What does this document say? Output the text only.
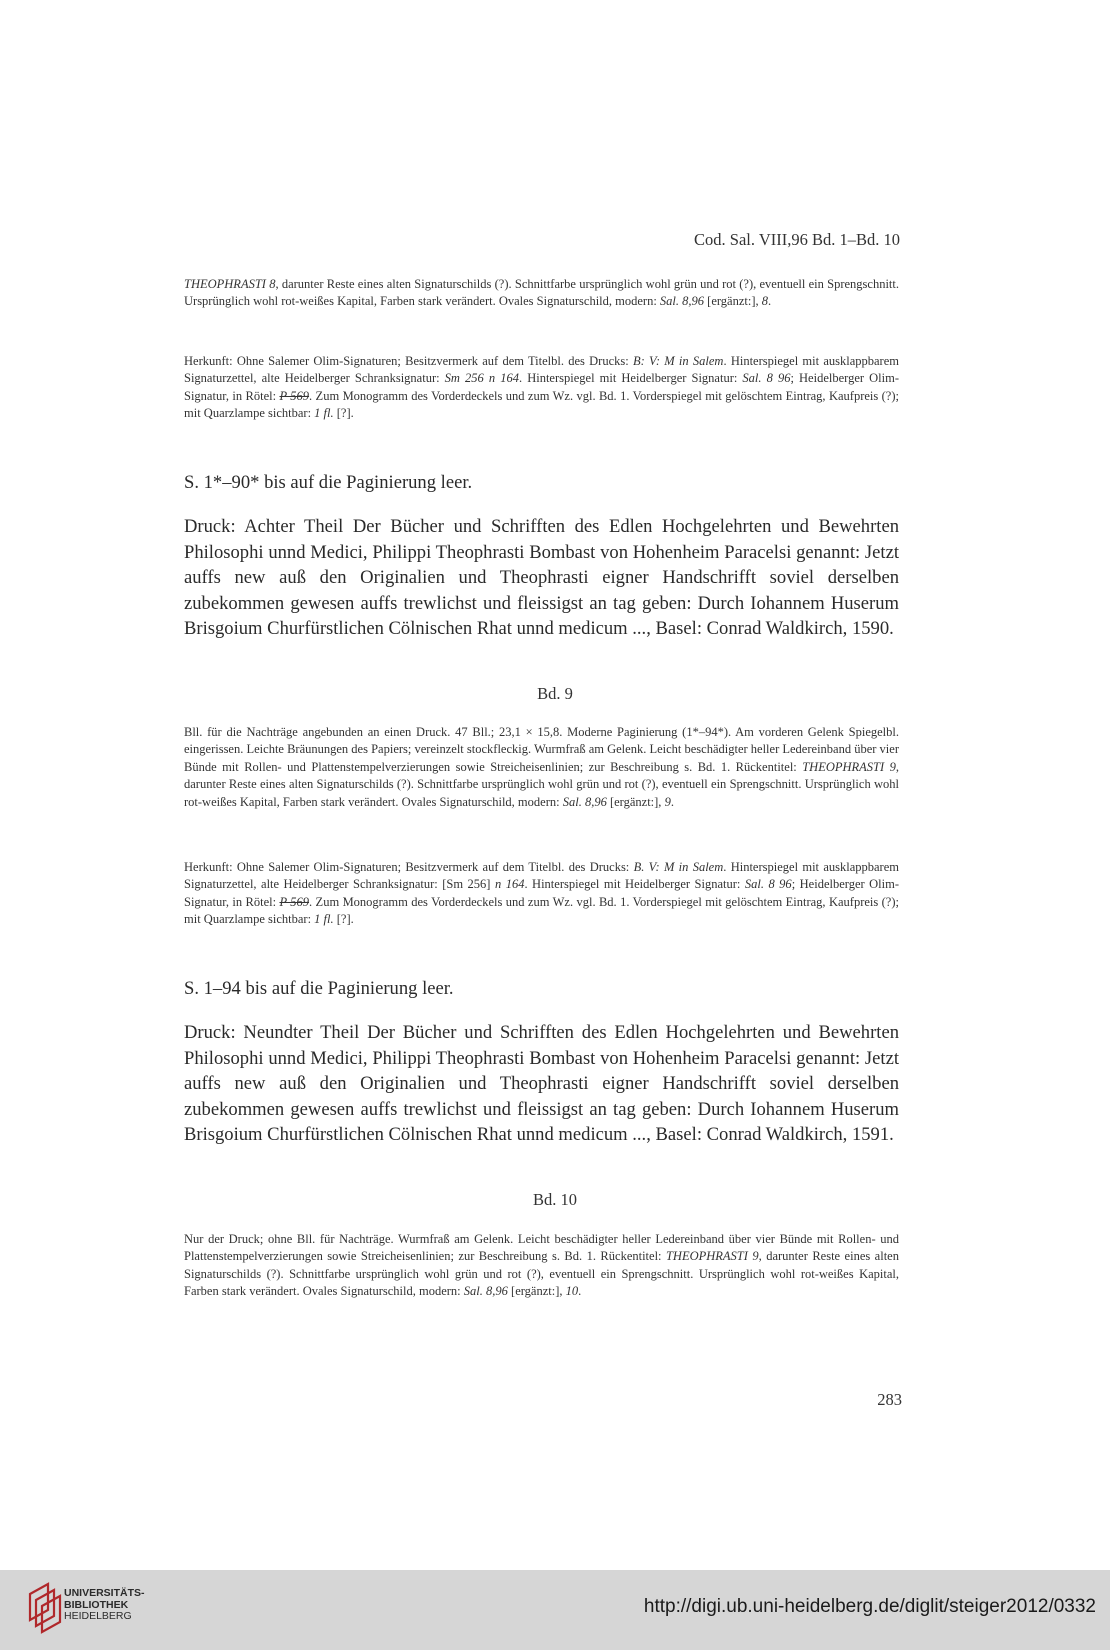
Cod. Sal. VIII,96 Bd. 1–Bd. 10
THEOPHRASTI 8, darunter Reste eines alten Signaturschilds (?). Schnittfarbe ursprünglich wohl grün und rot (?), eventuell ein Sprengschnitt. Ursprünglich wohl rot-weißes Kapital, Farben stark verändert. Ovales Signaturschild, modern: Sal. 8,96 [ergänzt:], 8.
Herkunft: Ohne Salemer Olim-Signaturen; Besitzvermerk auf dem Titelbl. des Drucks: B: V: M in Salem. Hinterspiegel mit ausklappbarem Signaturzettel, alte Heidelberger Schranksignatur: Sm 256 n 164. Hinterspiegel mit Heidelberger Signatur: Sal. 8 96; Heidelberger Olim-Signatur, in Rötel: P 569. Zum Monogramm des Vorderdeckels und zum Wz. vgl. Bd. 1. Vorderspiegel mit gelöschtem Eintrag, Kaufpreis (?); mit Quarzlampe sichtbar: 1 fl. [?].
S. 1*–90* bis auf die Paginierung leer.
Druck: Achter Theil Der Bücher und Schrifften des Edlen Hochgelehrten und Bewehrten Philosophi unnd Medici, Philippi Theophrasti Bombast von Hohenheim Paracelsi genannt: Jetzt auffs new auß den Originalien und Theophrasti eigner Handschrifft soviel derselben zubekommen gewesen auffs trewlichst und fleissigst an tag geben: Durch Iohannem Huserum Brisgoium Churfürstlichen Cölnischen Rhat unnd medicum ..., Basel: Conrad Waldkirch, 1590.
Bd. 9
Bll. für die Nachträge angebunden an einen Druck. 47 Bll.; 23,1 × 15,8. Moderne Paginierung (1*–94*). Am vorderen Gelenk Spiegelbl. eingerissen. Leichte Bräunungen des Papiers; vereinzelt stockfleckig. Wurmfraß am Gelenk. Leicht beschädigter heller Ledereinband über vier Bünde mit Rollen- und Plattenstempelverzierungen sowie Streicheisenlinien; zur Beschreibung s. Bd. 1. Rückentitel: THEOPHRASTI 9, darunter Reste eines alten Signaturschilds (?). Schnittfarbe ursprünglich wohl grün und rot (?), eventuell ein Sprengschnitt. Ursprünglich wohl rot-weißes Kapital, Farben stark verändert. Ovales Signaturschild, modern: Sal. 8,96 [ergänzt:], 9.
Herkunft: Ohne Salemer Olim-Signaturen; Besitzvermerk auf dem Titelbl. des Drucks: B. V: M in Salem. Hinterspiegel mit ausklappbarem Signaturzettel, alte Heidelberger Schranksignatur: [Sm 256] n 164. Hinterspiegel mit Heidelberger Signatur: Sal. 8 96; Heidelberger Olim-Signatur, in Rötel: P 569. Zum Monogramm des Vorderdeckels und zum Wz. vgl. Bd. 1. Vorderspiegel mit gelöschtem Eintrag, Kaufpreis (?); mit Quarzlampe sichtbar: 1 fl. [?].
S. 1–94 bis auf die Paginierung leer.
Druck: Neundter Theil Der Bücher und Schrifften des Edlen Hochgelehrten und Bewehrten Philosophi unnd Medici, Philippi Theophrasti Bombast von Hohenheim Paracelsi genannt: Jetzt auffs new auß den Originalien und Theophrasti eigner Handschrifft soviel derselben zubekommen gewesen auffs trewlichst und fleissigst an tag geben: Durch Iohannem Huserum Brisgoium Churfürstlichen Cölnischen Rhat unnd medicum ..., Basel: Conrad Waldkirch, 1591.
Bd. 10
Nur der Druck; ohne Bll. für Nachträge. Wurmfraß am Gelenk. Leicht beschädigter heller Ledereinband über vier Bünde mit Rollen- und Plattenstempelverzierungen sowie Streicheisenlinien; zur Beschreibung s. Bd. 1. Rückentitel: THEOPHRASTI 9, darunter Reste eines alten Signaturschilds (?). Schnittfarbe ursprünglich wohl grün und rot (?), eventuell ein Sprengschnitt. Ursprünglich wohl rot-weißes Kapital, Farben stark verändert. Ovales Signaturschild, modern: Sal. 8,96 [ergänzt:], 10.
283
UNIVERSITÄTS-
BIBLIOTHEK
HEIDELBERG	http://digi.ub.uni-heidelberg.de/diglit/steiger2012/0332
